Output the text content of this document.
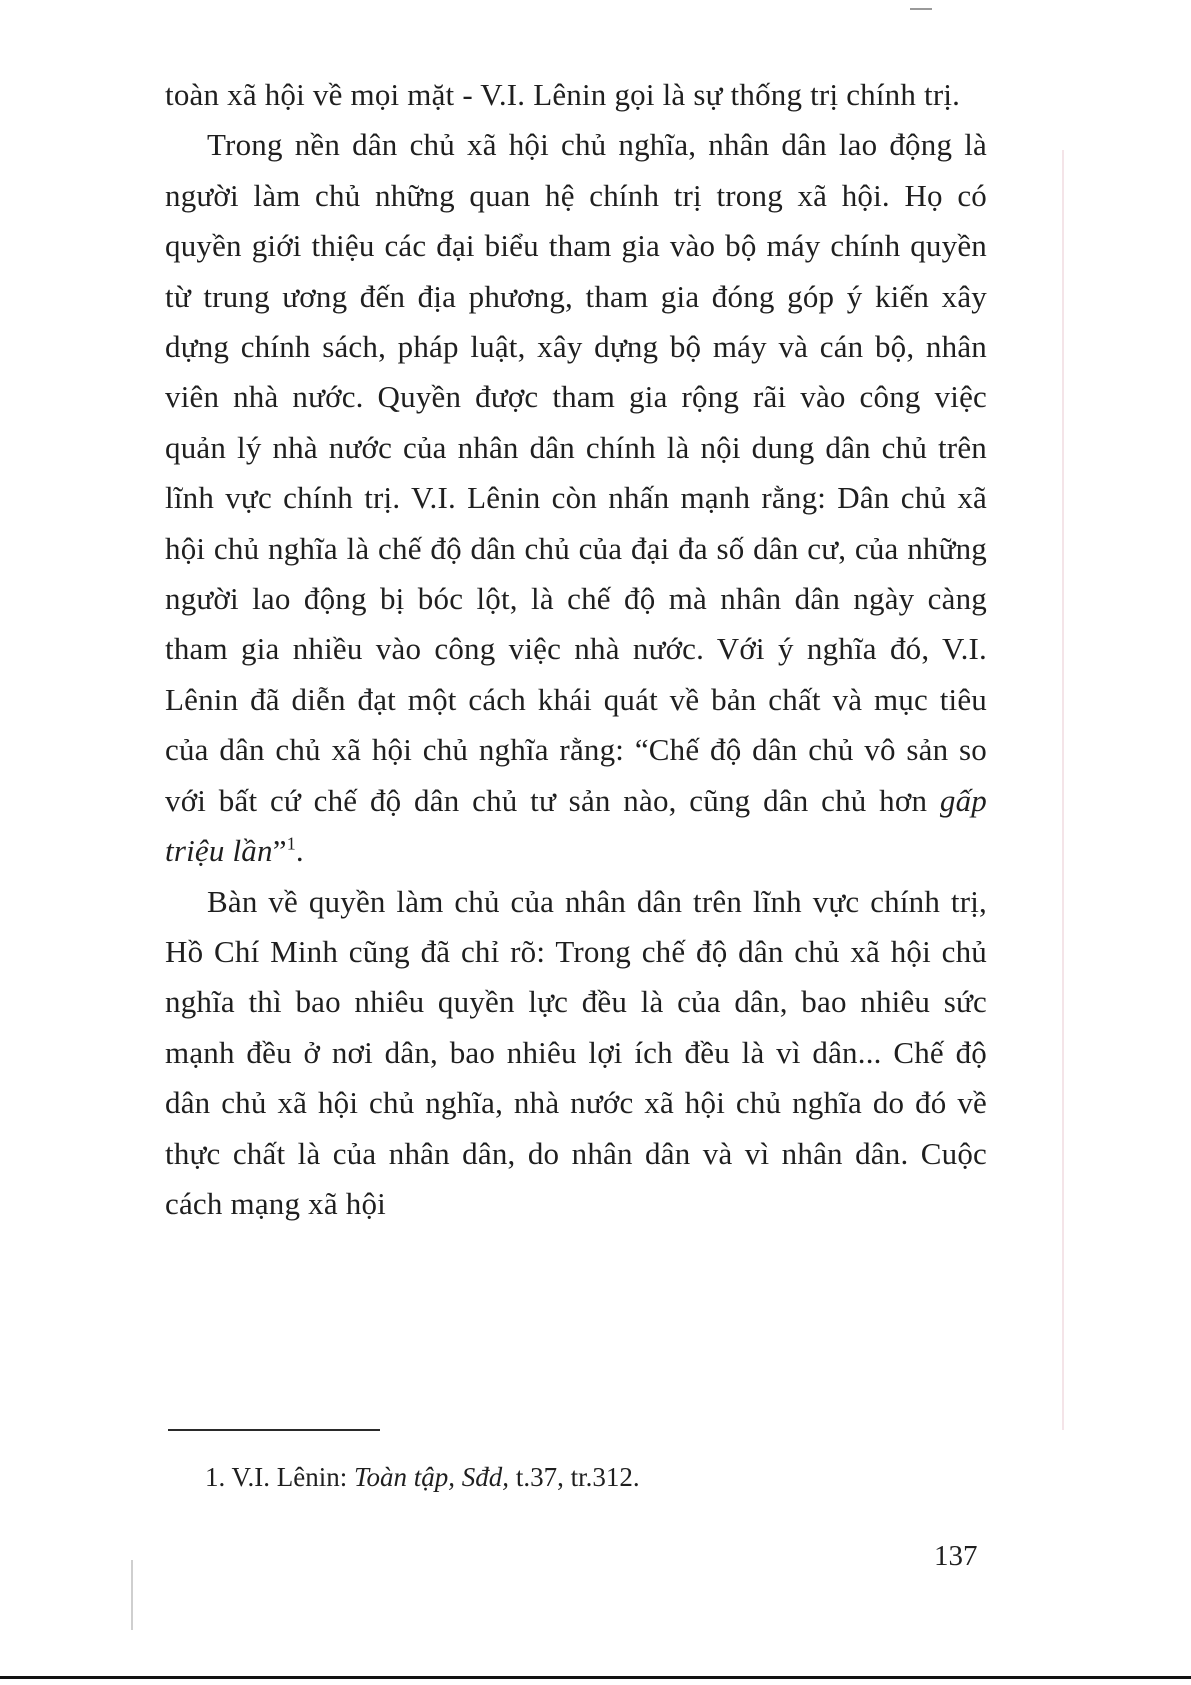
toàn xã hội về mọi mặt - V.I. Lênin gọi là sự thống trị chính trị.

Trong nền dân chủ xã hội chủ nghĩa, nhân dân lao động là người làm chủ những quan hệ chính trị trong xã hội. Họ có quyền giới thiệu các đại biểu tham gia vào bộ máy chính quyền từ trung ương đến địa phương, tham gia đóng góp ý kiến xây dựng chính sách, pháp luật, xây dựng bộ máy và cán bộ, nhân viên nhà nước. Quyền được tham gia rộng rãi vào công việc quản lý nhà nước của nhân dân chính là nội dung dân chủ trên lĩnh vực chính trị. V.I. Lênin còn nhấn mạnh rằng: Dân chủ xã hội chủ nghĩa là chế độ dân chủ của đại đa số dân cư, của những người lao động bị bóc lột, là chế độ mà nhân dân ngày càng tham gia nhiều vào công việc nhà nước. Với ý nghĩa đó, V.I. Lênin đã diễn đạt một cách khái quát về bản chất và mục tiêu của dân chủ xã hội chủ nghĩa rằng: “Chế độ dân chủ vô sản so với bất cứ chế độ dân chủ tư sản nào, cũng dân chủ hơn gấp triệu lần”$^1$.

Bàn về quyền làm chủ của nhân dân trên lĩnh vực chính trị, Hồ Chí Minh cũng đã chỉ rõ: Trong chế độ dân chủ xã hội chủ nghĩa thì bao nhiêu quyền lực đều là của dân, bao nhiêu sức mạnh đều ở nơi dân, bao nhiêu lợi ích đều là vì dân... Chế độ dân chủ xã hội chủ nghĩa, nhà nước xã hội chủ nghĩa do đó về thực chất là của nhân dân, do nhân dân và vì nhân dân. Cuộc cách mạng xã hội

1. V.I. Lênin: Toàn tập, Sđd, t.37, tr.312.
137
